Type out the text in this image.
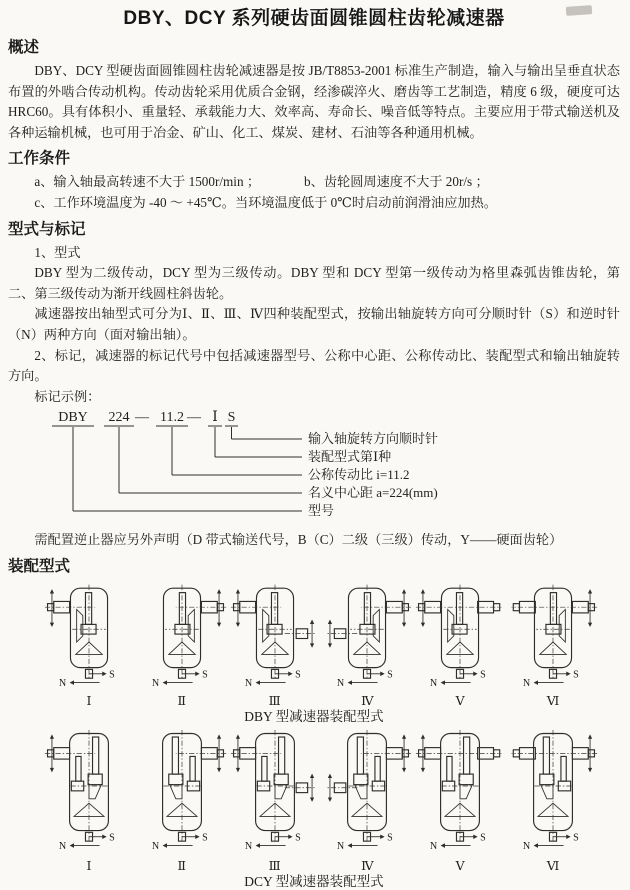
DBY、DCY 系列硬齿面圆锥圆柱齿轮减速器
概述

DBY、DCY 型硬齿面圆锥圆柱齿轮减速器是按 JB/T8853-2001 标准生产制造，输入与输出呈垂直状态布置的外啮合传动机构。传动齿轮采用优质合金钢，经渗碳淬火、磨齿等工艺制造，精度 6 级，硬度可达 HRC60。具有体积小、重量轻、承载能力大、效率高、寿命长、噪音低等特点。主要应用于带式输送机及各种运输机械，也可用于冶金、矿山、化工、煤炭、建材、石油等各种通用机械。

工作条件
a、输入轴最高转速不大于 1500r/min ；	b、齿轮圆周速度不大于 20r/s ；
c、工作环境温度为 -40 ～ +45℃。当环境温度低于 0℃时启动前润滑油应加热。
型式与标记

1、型式

DBY 型为二级传动，DCY 型为三级传动。DBY 型和 DCY 型第一级传动为格里森弧齿锥齿轮，第二、第三级传动为渐开线圆柱斜齿轮。

减速器按出轴型式可分为Ⅰ、Ⅱ、Ⅲ、Ⅳ四种装配型式，按输出轴旋转方向可分顺时针（S）和逆时针（N）两种方向（面对输出轴）。

2、标记，减速器的标记代号中包括减速器型号、公称中心距、公称传动比、装配型式和输出轴旋转方向。

标记示例：

DBY 224 — 11.2 — Ⅰ S
输入轴旋转方向顺时针
装配型式第Ⅰ种
公称传动比 i=11.2
名义中心距 a=224(mm)
型号

需配置逆止器应另外声明（D 带式输送代号，B（C）二级（三级）传动，Y——硬面齿轮）

装配型式
S
N
Ⅰ
S
N
Ⅱ
S
N
Ⅲ
S
N
Ⅳ
S
N
Ⅴ
S
N
Ⅵ
DBY 型减速器装配型式
S
N
Ⅰ
S
N
Ⅱ
S
N
Ⅲ
S
N
Ⅳ
S
N
Ⅴ
S
N
Ⅵ
DCY 型减速器装配型式
